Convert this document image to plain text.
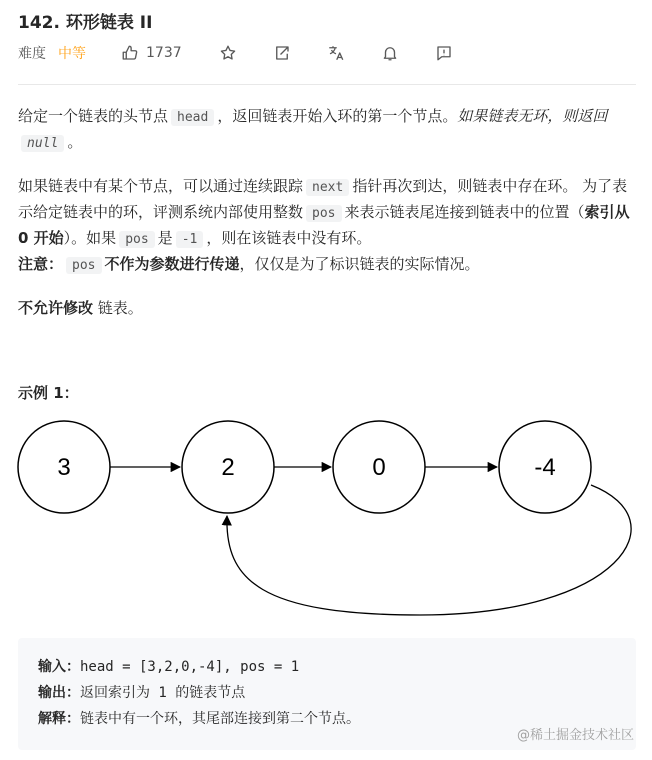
142. 环形链表 II
难度 中等	1737
给定一个链表的头节点 head ，返回链表开始入环的第一个节点。如果链表无环，则返回null 。
如果链表中有某个节点，可以通过连续跟踪 next 指针再次到达，则链表中存在环。 为了表示给定链表中的环，评测系统内部使用整数 pos 来表示链表尾连接到链表中的位置（索引从 0 开始）。如果 pos 是 -1 ，则在该链表中没有环。
注意： pos 不作为参数进行传递，仅仅是为了标识链表的实际情况。
不允许修改 链表。
示例 1：
3	2	0	-4
输入：head = [3,2,0,-4], pos = 1
输出：返回索引为 1 的链表节点
解释：链表中有一个环，其尾部连接到第二个节点。
@稀土掘金技术社区
